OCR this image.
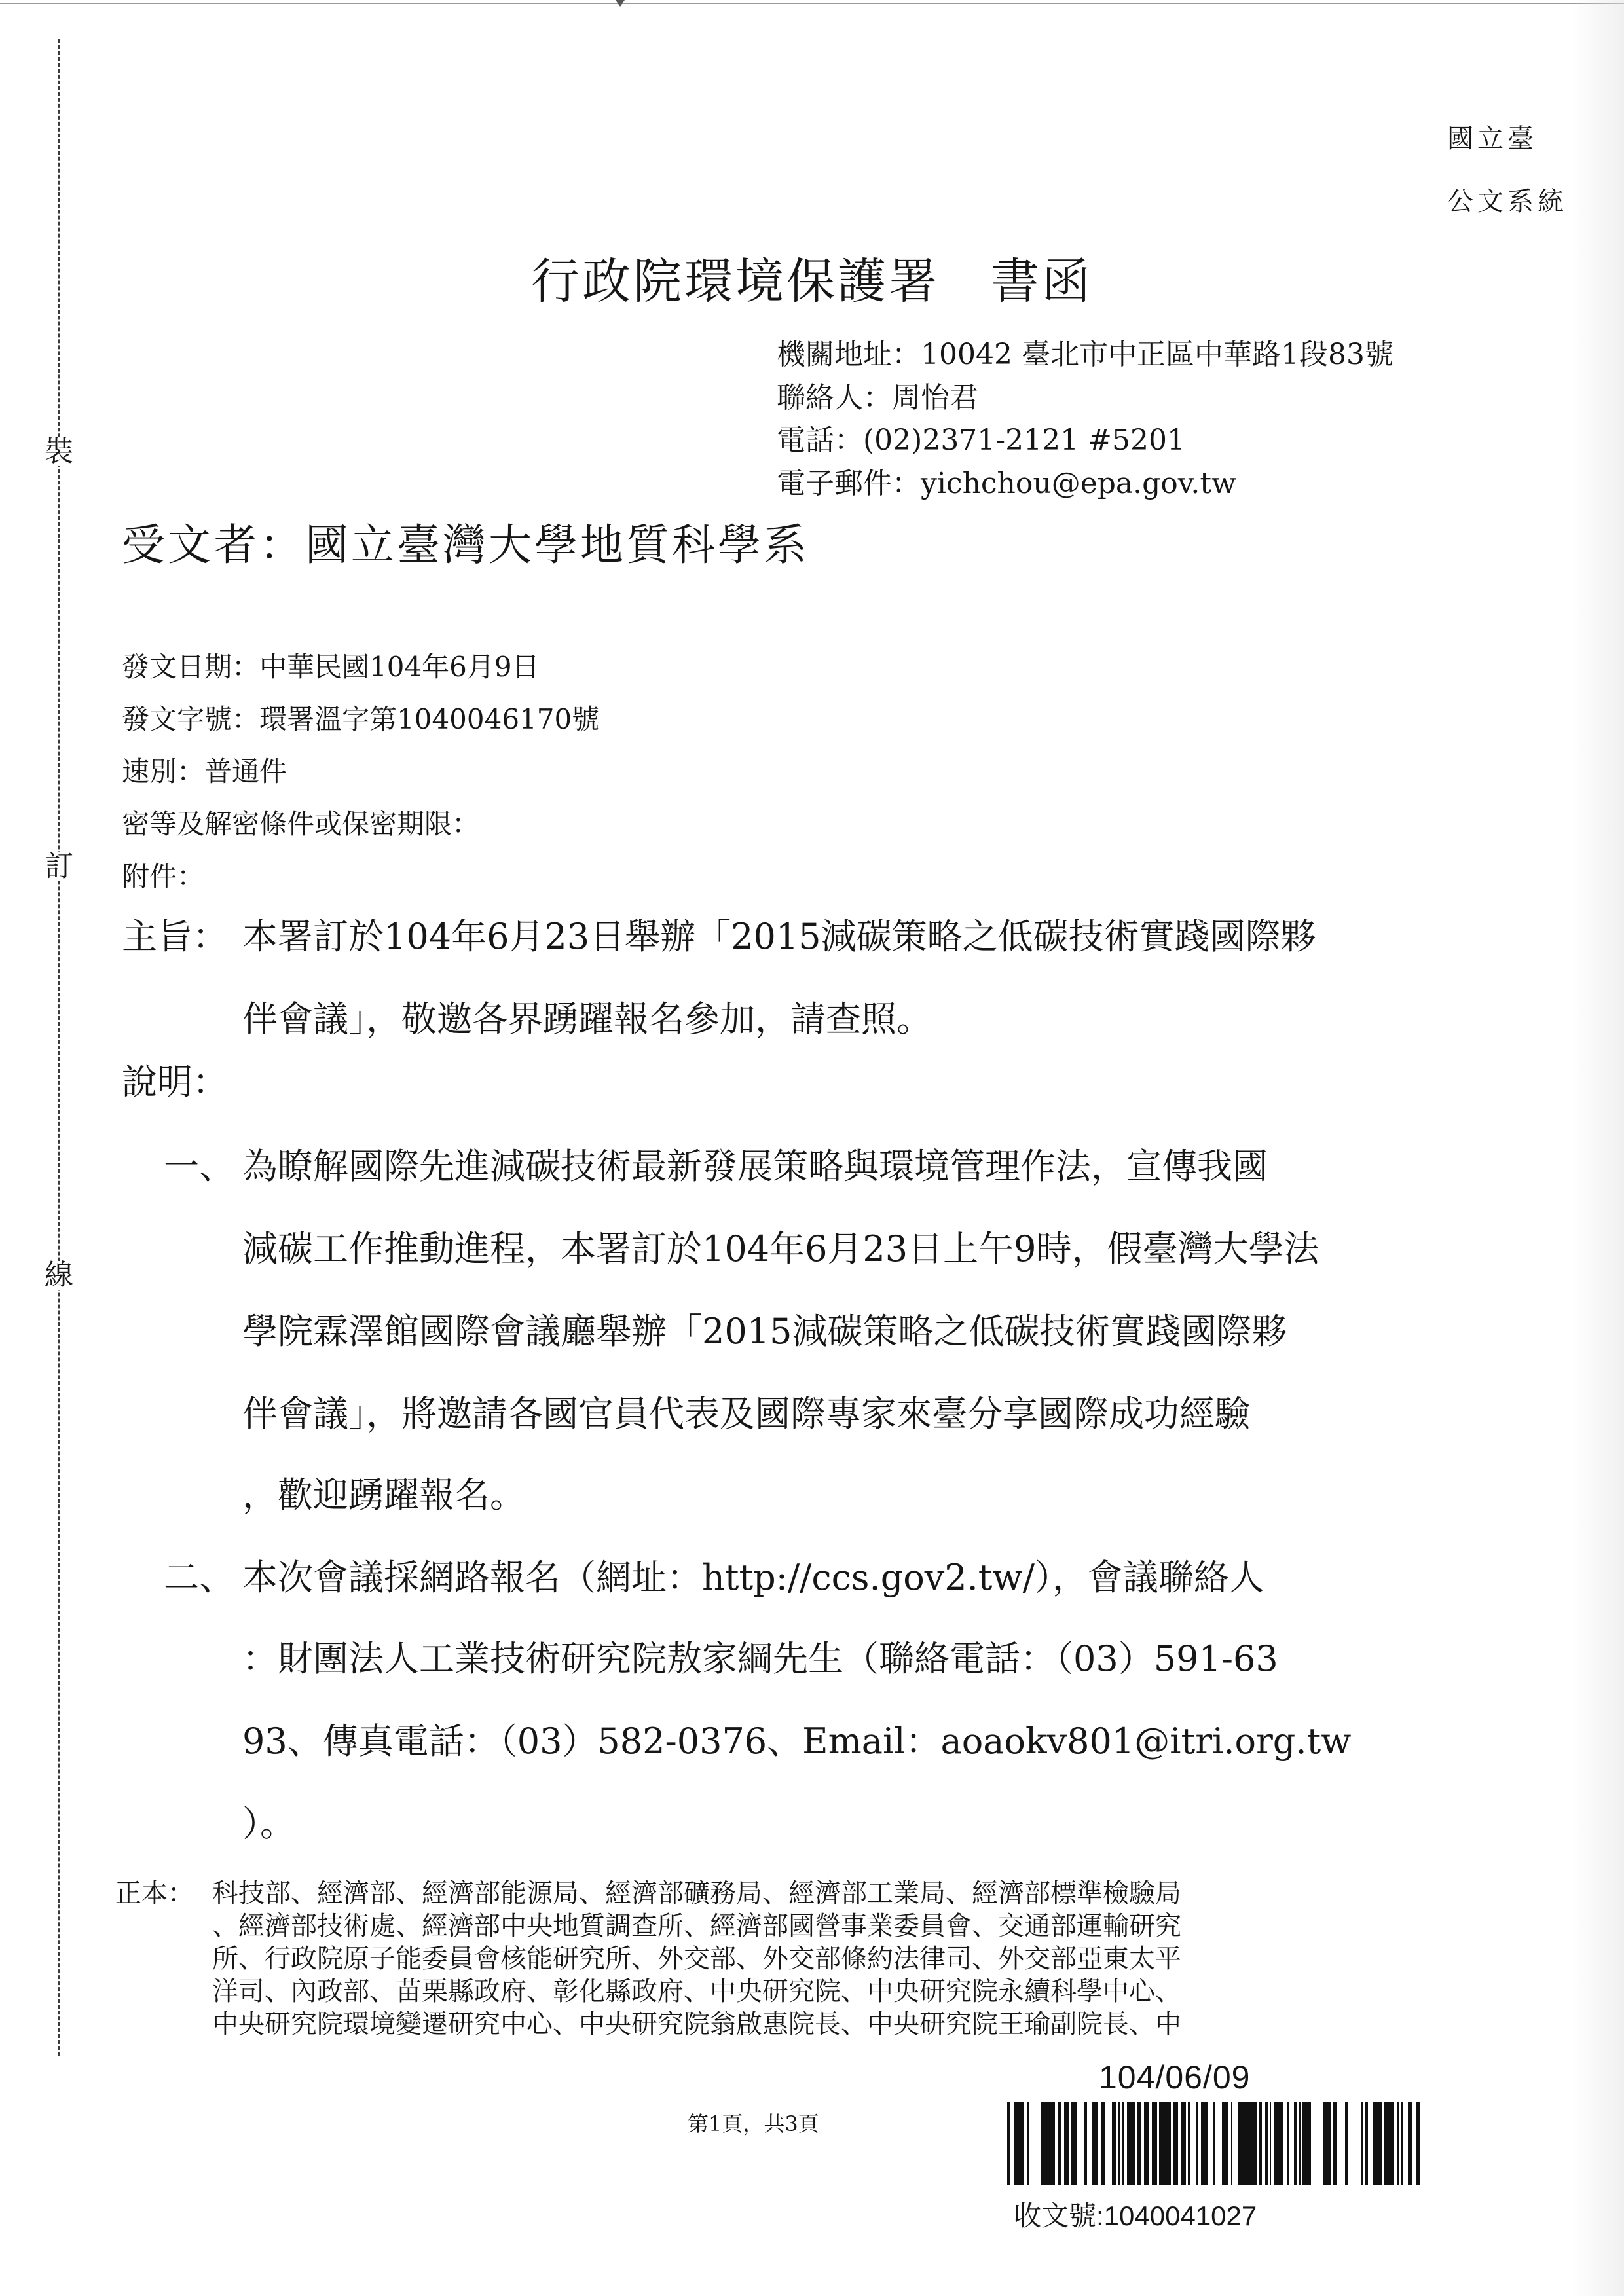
裝
訂
線
國立臺
公文系統
行政院環境保護署　書函
機關地址：10042 臺北市中正區中華路1段83號
聯絡人：周怡君
電話：(02)2371-2121 #5201
電子郵件：yichchou@epa.gov.tw
受文者：國立臺灣大學地質科學系
發文日期：中華民國104年6月9日
發文字號：環署溫字第1040046170號
速別：普通件
密等及解密條件或保密期限：
附件：
主旨： 本署訂於104年6月23日舉辦「2015減碳策略之低碳技術實踐國際夥
伴會議」，敬邀各界踴躍報名參加，請查照。
說明：
一、 為瞭解國際先進減碳技術最新發展策略與環境管理作法，宣傳我國
減碳工作推動進程，本署訂於104年6月23日上午9時，假臺灣大學法
學院霖澤館國際會議廳舉辦「2015減碳策略之低碳技術實踐國際夥
伴會議」，將邀請各國官員代表及國際專家來臺分享國際成功經驗
，歡迎踴躍報名。
二、 本次會議採網路報名（網址：http://ccs.gov2.tw/），會議聯絡人
：財團法人工業技術研究院敖家綱先生（聯絡電話：（03）591-63
93、傳真電話：（03）582-0376、Email：aoaokv801@itri.org.tw
）。
正本： 科技部、經濟部、經濟部能源局、經濟部礦務局、經濟部工業局、經濟部標準檢驗局
、經濟部技術處、經濟部中央地質調查所、經濟部國營事業委員會、交通部運輸研究
所、行政院原子能委員會核能研究所、外交部、外交部條約法律司、外交部亞東太平
洋司、內政部、苗栗縣政府、彰化縣政府、中央研究院、中央研究院永續科學中心、
中央研究院環境變遷研究中心、中央研究院翁啟惠院長、中央研究院王瑜副院長、中
104/06/09
第1頁，共3頁
收文號:1040041027
